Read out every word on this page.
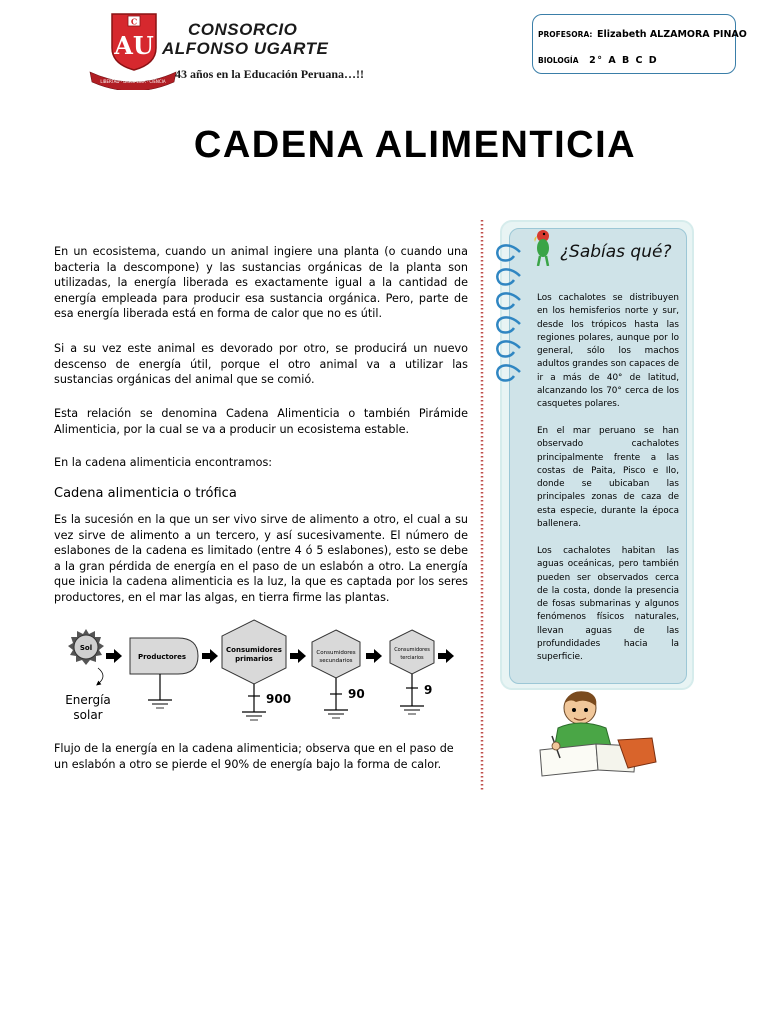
C
AU
LIBERTAD · DISCIPLINA · CIENCIA
CONSORCIO
ALFONSO UGARTE
43 años en la Educación Peruana…!!
PROFESORA: Elizabeth ALZAMORA PINAO
BIOLOGÍA 2° A B C D
CADENA ALIMENTICIA
En un ecosistema, cuando un animal ingiere una planta (o cuando una bacteria la descompone) y las sustancias orgánicas de la planta son utilizadas, la energía liberada es exactamente igual a la cantidad de energía empleada para producir esa sustancia orgánica. Pero, parte de esa energía liberada está en forma de calor que no es útil.
Si a su vez este animal es devorado por otro, se producirá un nuevo descenso de energía útil, porque el otro animal va a utilizar las sustancias orgánicas del animal que se comió.
Esta relación se denomina Cadena Alimenticia o también Pirámide Alimenticia, por la cual se va a producir un ecosistema estable.
En la cadena alimenticia encontramos:
Cadena alimenticia o trófica
Es la sucesión en la que un ser vivo sirve de alimento a otro, el cual a su vez sirve de alimento a un tercero, y así sucesivamente. El número de eslabones de la cadena es limitado (entre 4 ó 5 eslabones), esto se debe a la gran pérdida de energía en el paso de un eslabón a otro. La energía que inicia la cadena alimenticia es la luz, la que es captada por los seres productores, en el mar las algas, en tierra firme las plantas.
Sol
Productores
Consumidores
primarios
900
Consumidores
secundarios
90
Consumidores
terciarios
9
Energía solar
Flujo de la energía en la cadena alimenticia; observa que en el paso de un eslabón a otro se pierde el 90% de energía bajo la forma de calor.
¿Sabías qué?
Los cachalotes se distribuyen en los hemisferios norte y sur, desde los trópicos hasta las regiones polares, aunque por lo general, sólo los machos adultos grandes son capaces de ir a más de 40° de latitud, alcanzando los 70° cerca de los casquetes polares.
En el mar peruano se han observado cachalotes principalmente frente a las costas de Paita, Pisco e Ilo, donde se ubicaban las principales zonas de caza de esta especie, durante la época ballenera.
Los cachalotes habitan las aguas oceánicas, pero también pueden ser observados cerca de la costa, donde la presencia de fosas submarinas y algunos fenómenos físicos naturales, llevan aguas de las profundidades hacia la superficie.
